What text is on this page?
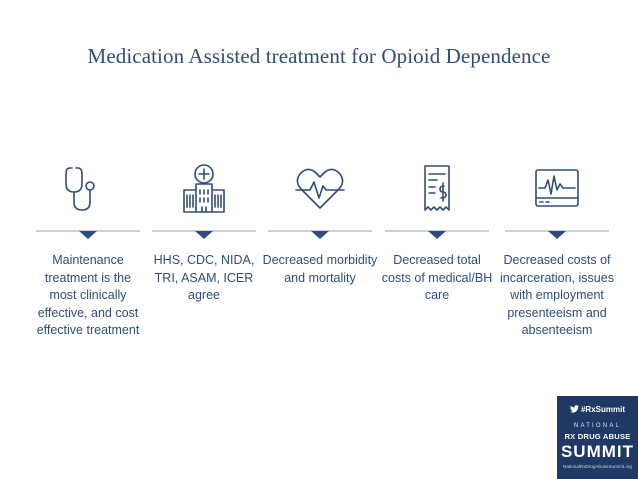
Medication Assisted treatment for Opioid Dependence
Maintenance treatment is the most clinically effective, and cost effective treatment
HHS, CDC, NIDA, TRI, ASAM, ICER agree
Decreased morbidity and mortality
Decreased total costs of medical/BH care
Decreased costs of incarceration, issues with employment presenteeism and absenteeism
#RxSummit
NATIONAL
RX DRUG ABUSE
SUMMIT
NationalRxDrugAbuseSummit.org
